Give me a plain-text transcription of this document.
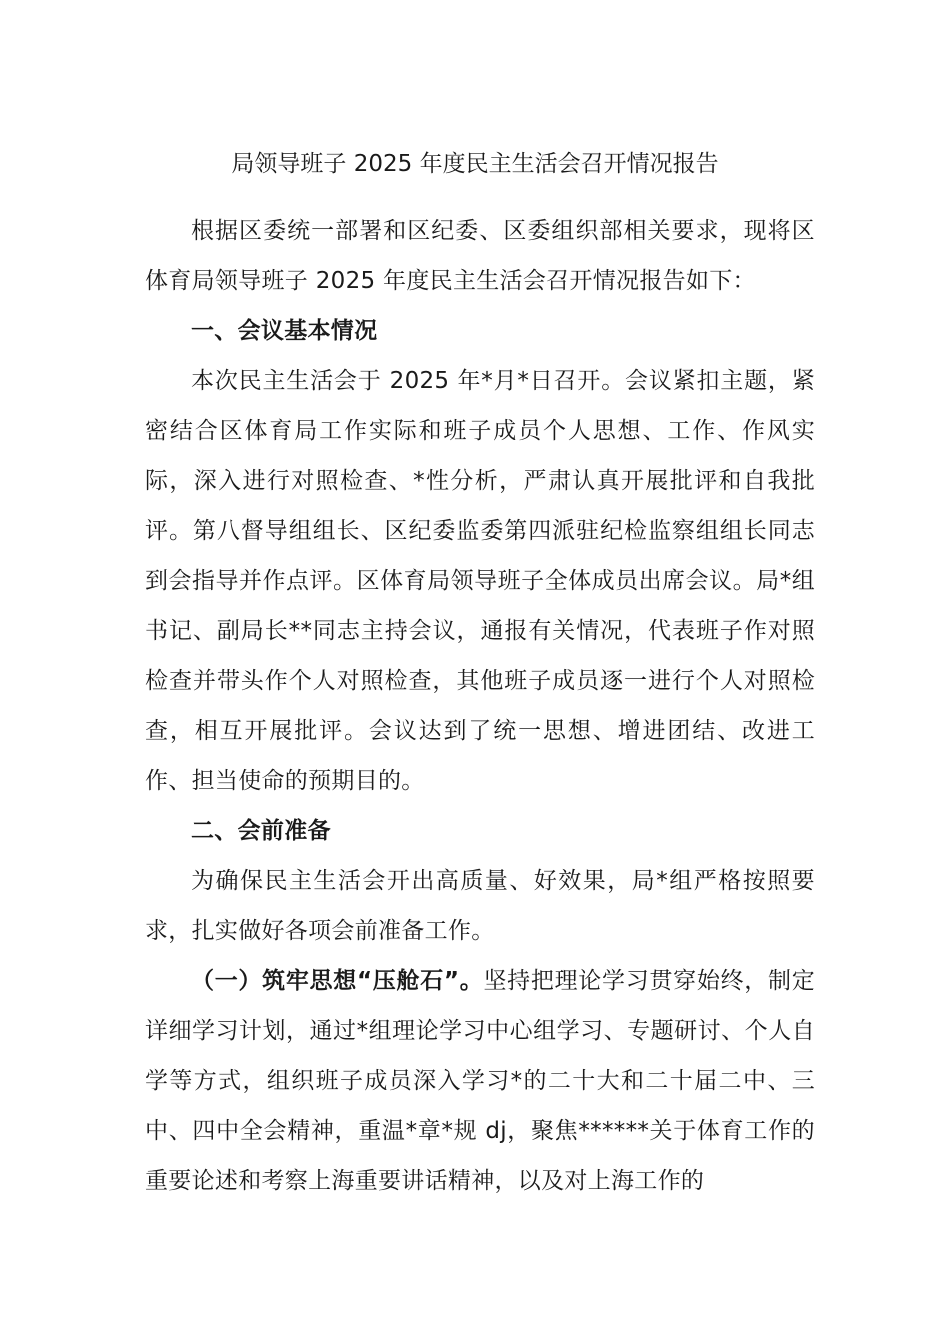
局领导班子 2025 年度民主生活会召开情况报告

根据区委统一部署和区纪委、区委组织部相关要求，现将区体育局领导班子 2025 年度民主生活会召开情况报告如下：

一、会议基本情况

本次民主生活会于 2025 年*月*日召开。会议紧扣主题，紧密结合区体育局工作实际和班子成员个人思想、工作、作风实际，深入进行对照检查、*性分析，严肃认真开展批评和自我批评。第八督导组组长、区纪委监委第四派驻纪检监察组组长同志到会指导并作点评。区体育局领导班子全体成员出席会议。局*组书记、副局长**同志主持会议，通报有关情况，代表班子作对照检查并带头作个人对照检查，其他班子成员逐一进行个人对照检查，相互开展批评。会议达到了统一思想、增进团结、改进工作、担当使命的预期目的。

二、会前准备

为确保民主生活会开出高质量、好效果，局*组严格按照要求，扎实做好各项会前准备工作。

（一）筑牢思想“压舱石”。坚持把理论学习贯穿始终，制定详细学习计划，通过*组理论学习中心组学习、专题研讨、个人自学等方式，组织班子成员深入学习*的二十大和二十届二中、三中、四中全会精神，重温*章*规 dj，聚焦******关于体育工作的重要论述和考察上海重要讲话精神，以及对上海工作的
